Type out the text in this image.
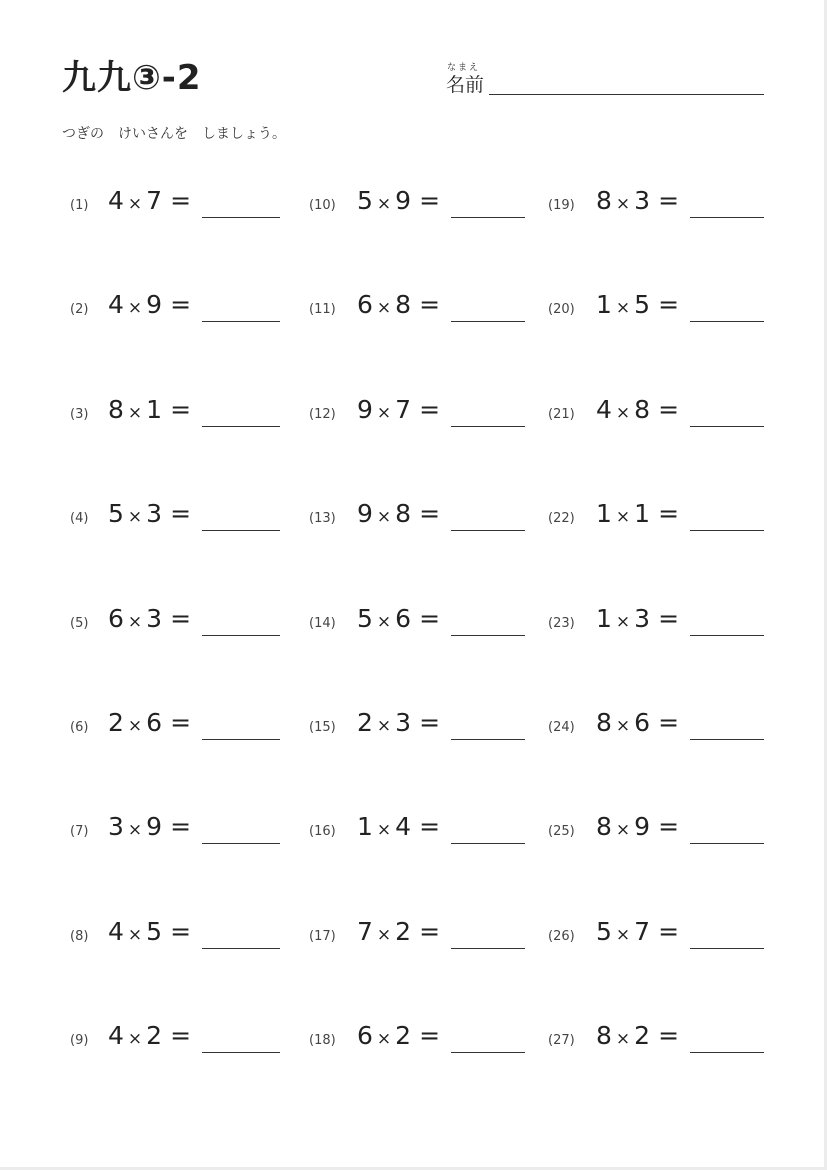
九九③-2	なまえ
名前
つぎの　けいさんを　しましょう。
(1) 4 × 7 =
(2) 4 × 9 =
(3) 8 × 1 =
(4) 5 × 3 =
(5) 6 × 3 =
(6) 2 × 6 =
(7) 3 × 9 =
(8) 4 × 5 =
(9) 4 × 2 =
(10) 5 × 9 =
(11) 6 × 8 =
(12) 9 × 7 =
(13) 9 × 8 =
(14) 5 × 6 =
(15) 2 × 3 =
(16) 1 × 4 =
(17) 7 × 2 =
(18) 6 × 2 =
(19) 8 × 3 =
(20) 1 × 5 =
(21) 4 × 8 =
(22) 1 × 1 =
(23) 1 × 3 =
(24) 8 × 6 =
(25) 8 × 9 =
(26) 5 × 7 =
(27) 8 × 2 =
